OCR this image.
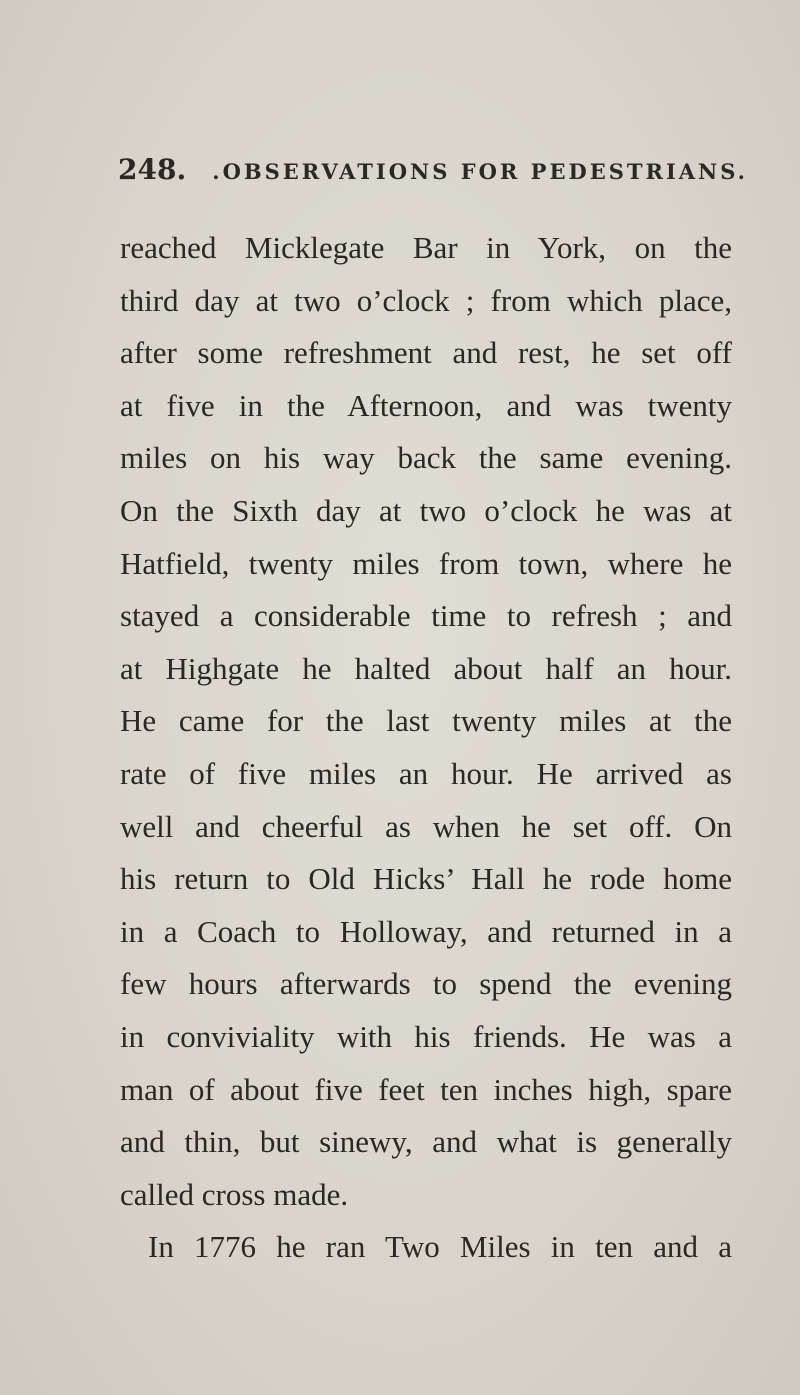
248. .OBSERVATIONS FOR PEDESTRIANS.
reached Micklegate Bar in York, on the
third day at two o’clock ; from which place,
after some refreshment and rest, he set off
at five in the Afternoon, and was twenty
miles on his way back the same evening.
On the Sixth day at two o’clock he was at
Hatfield, twenty miles from town, where he
stayed a considerable time to refresh ; and
at Highgate he halted about half an hour.
He came for the last twenty miles at the
rate of five miles an hour. He arrived as
well and cheerful as when he set off. On
his return to Old Hicks’ Hall he rode home
in a Coach to Holloway, and returned in a
few hours afterwards to spend the evening
in conviviality with his friends. He was a
man of about five feet ten inches high, spare
and thin, but sinewy, and what is generally
called cross made.
In 1776 he ran Two Miles in ten and a
